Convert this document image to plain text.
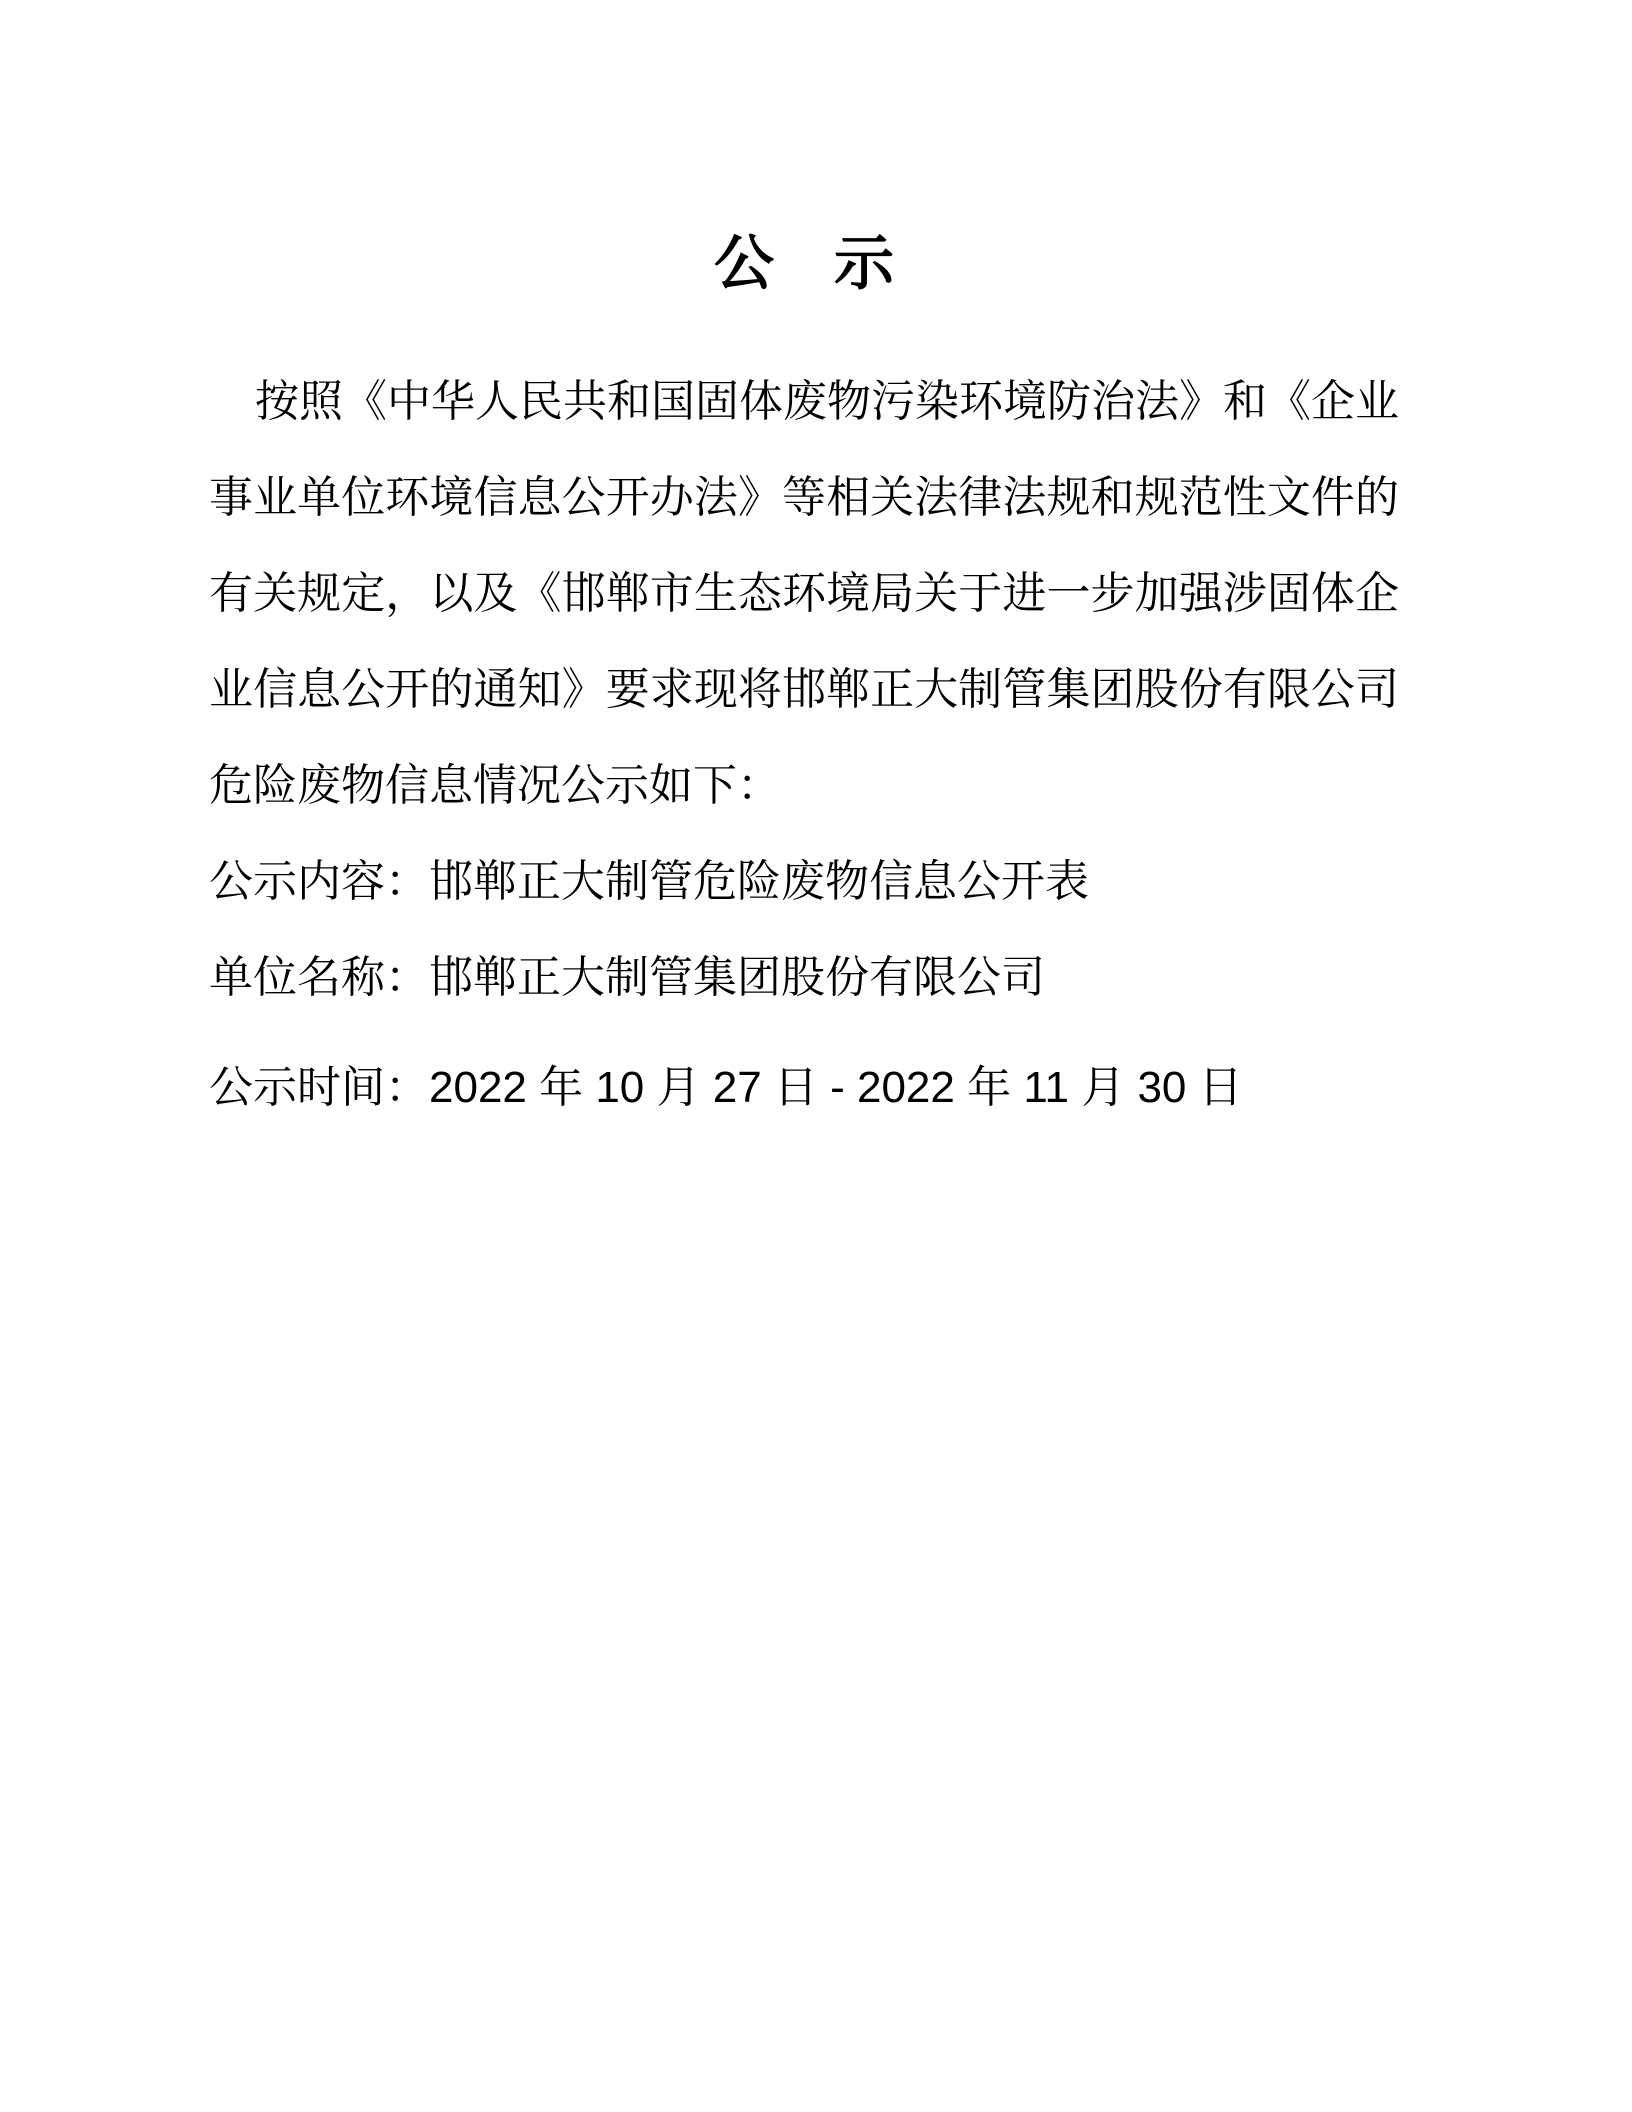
公　示

按照《中华人民共和国固体废物污染环境防治法》和《企业事业单位环境信息公开办法》等相关法律法规和规范性文件的有关规定，以及《邯郸市生态环境局关于进一步加强涉固体企业信息公开的通知》要求现将邯郸正大制管集团股份有限公司危险废物信息情况公示如下：

公示内容：邯郸正大制管危险废物信息公开表

单位名称：邯郸正大制管集团股份有限公司

公示时间：2022 年 10 月 27 日 - 2022 年 11 月 30 日
